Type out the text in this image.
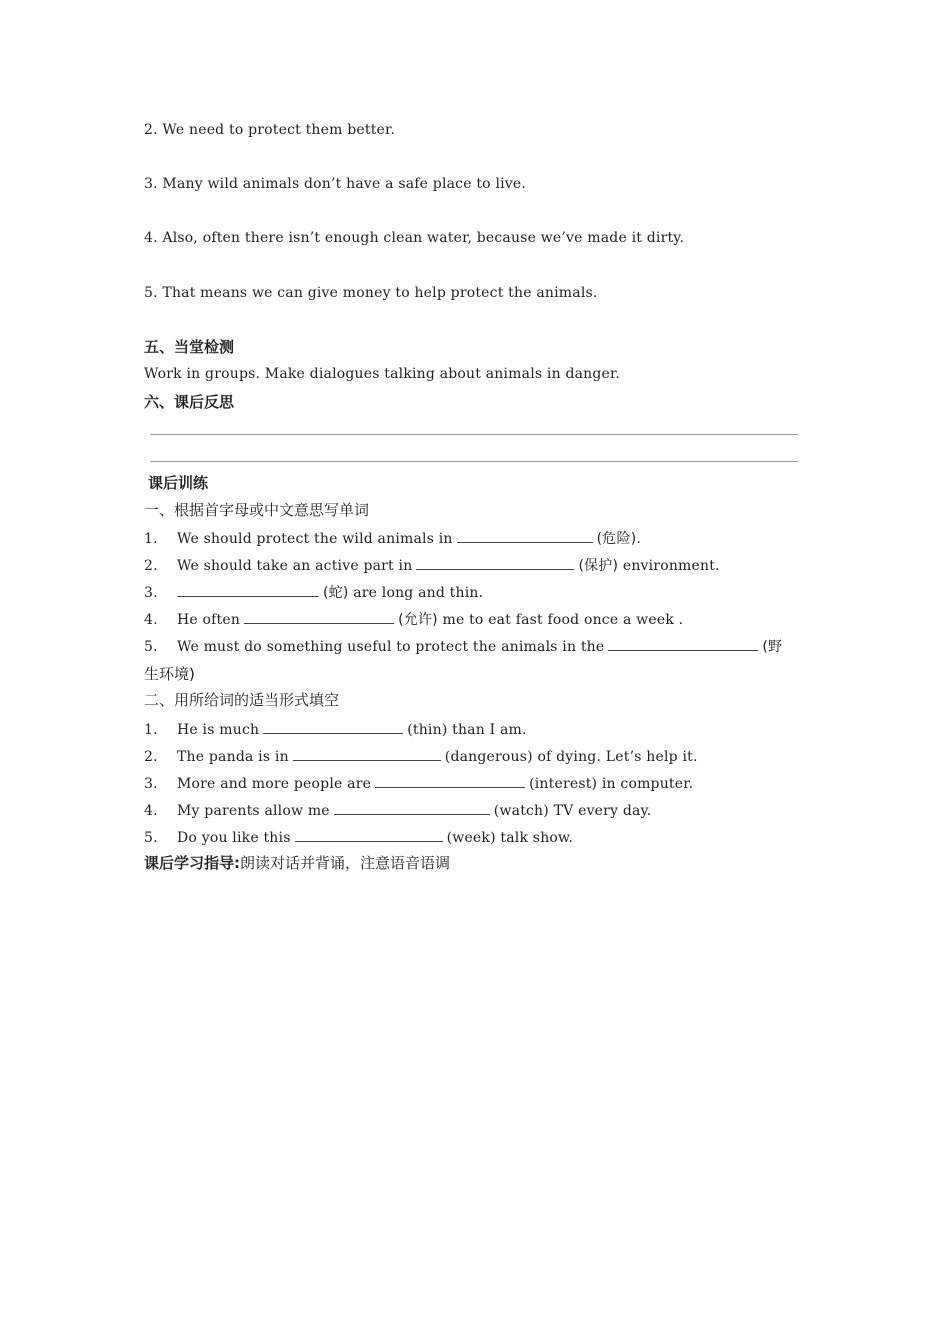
2. We need to protect them better.
3. Many wild animals don’t have a safe place to live.
4. Also, often there isn’t enough clean water, because we’ve made it dirty.
5. That means we can give money to help protect the animals.
五、当堂检测
Work in groups. Make dialogues talking about animals in danger.
六、课后反思
课后训练
一、根据首字母或中文意思写单词
1. We should protect the wild animals in	(危险).
2. We should take an active part in	(保护) environment.
3.	(蛇) are long and thin.
4. He often	(允许) me to eat fast food once a week .
5. We must do something useful to protect the animals in the	(野
生环境)
二、用所给词的适当形式填空
1. He is much	(thin) than I am.
2. The panda is in	(dangerous) of dying. Let’s help it.
3. More and more people are	(interest) in computer.
4. My parents allow me	(watch) TV every day.
5. Do you like this	(week) talk show.
课后学习指导:朗读对话并背诵，注意语音语调
